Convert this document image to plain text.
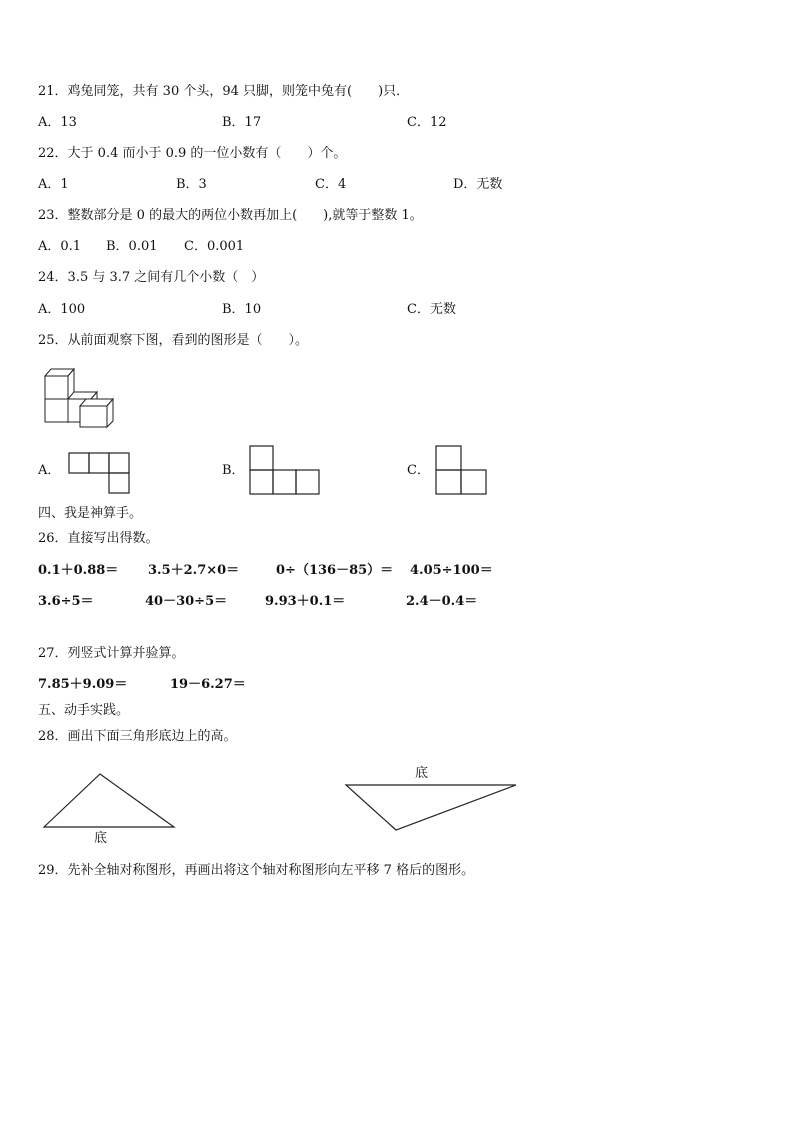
21．鸡兔同笼，共有 30 个头，94 只脚，则笼中兔有(　　)只．
A．13	B．17	C．12
22．大于 0.4 而小于 0.9 的一位小数有（　　）个。
A．1	B．3	C．4	D．无数
23．整数部分是 0 的最大的两位小数再加上(　　),就等于整数 1。
A．0.1 B．0.01 C．0.001
24．3.5 与 3.7 之间有几个小数（　）
A．100	B．10	C．无数
25．从前面观察下图，看到的图形是（　　）。
A．	B．	C．
四、我是神算手。
26．直接写出得数。
0.1＋0.88＝ 3.5＋2.7×0＝	0÷（136－85）＝ 4.05÷100＝
3.6÷5＝	40－30÷5＝	9.93＋0.1＝	2.4－0.4＝
27．列竖式计算并验算。
7.85＋9.09＝	19－6.27＝
五、动手实践。
28．画出下面三角形底边上的高。
底
底
29．先补全轴对称图形，再画出将这个轴对称图形向左平移 7 格后的图形。
